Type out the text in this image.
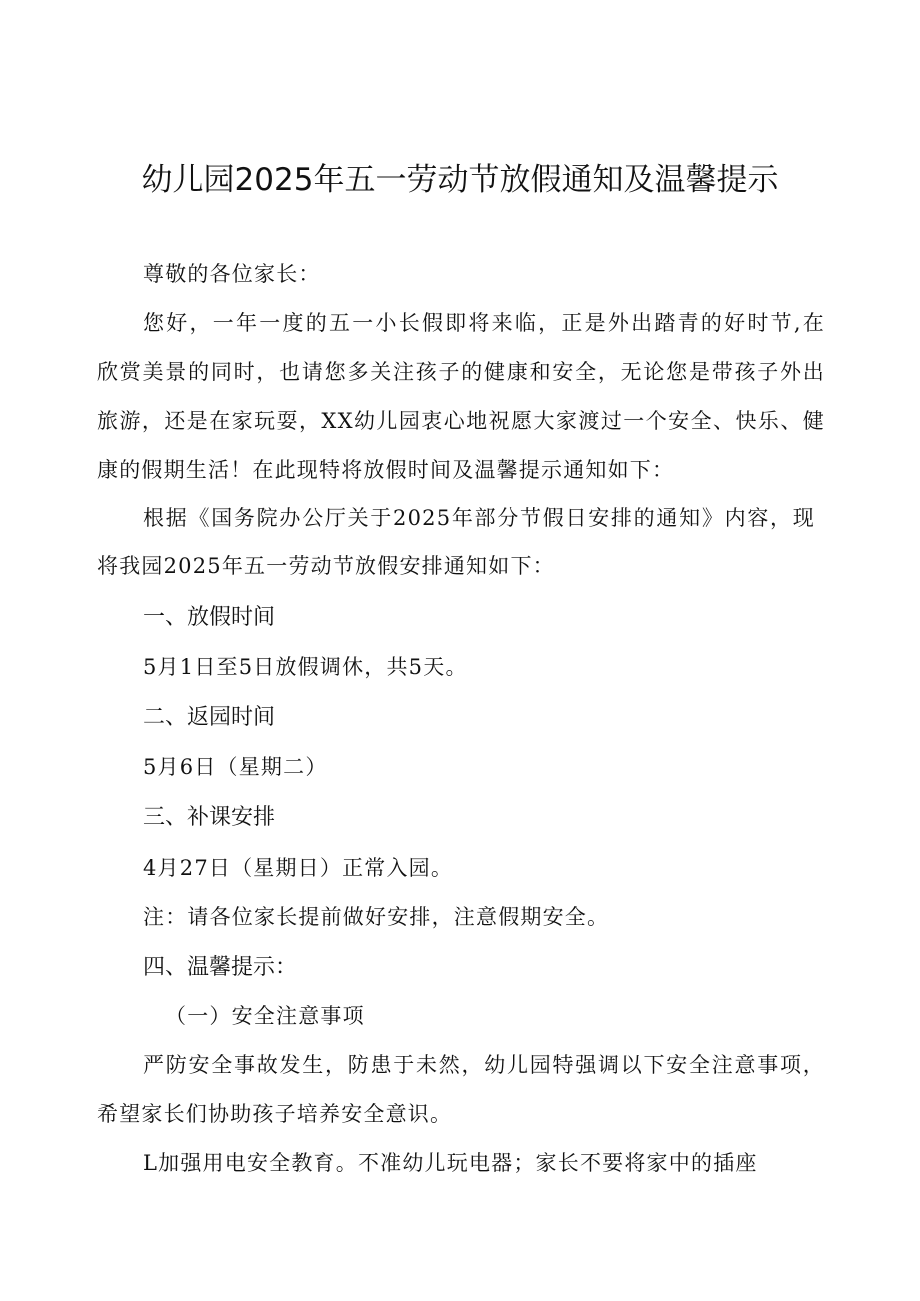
幼儿园2025年五一劳动节放假通知及温馨提示
尊敬的各位家长：
您好，一年一度的五一小长假即将来临，正是外出踏青的好时节,在
欣赏美景的同时，也请您多关注孩子的健康和安全，无论您是带孩子外出
旅游，还是在家玩耍，XX幼儿园衷心地祝愿大家渡过一个安全、快乐、健
康的假期生活！在此现特将放假时间及温馨提示通知如下：
根据《国务院办公厅关于2025年部分节假日安排的通知》内容，现
将我园2025年五一劳动节放假安排通知如下：
一、放假时间
5月1日至5日放假调休，共5天。
二、返园时间
5月6日（星期二）
三、补课安排
4月27日（星期日）正常入园。
注：请各位家长提前做好安排，注意假期安全。
四、温馨提示：
（一）安全注意事项
严防安全事故发生，防患于未然，幼儿园特强调以下安全注意事项，
希望家长们协助孩子培养安全意识。
L加强用电安全教育。不准幼儿玩电器；家长不要将家中的插座
